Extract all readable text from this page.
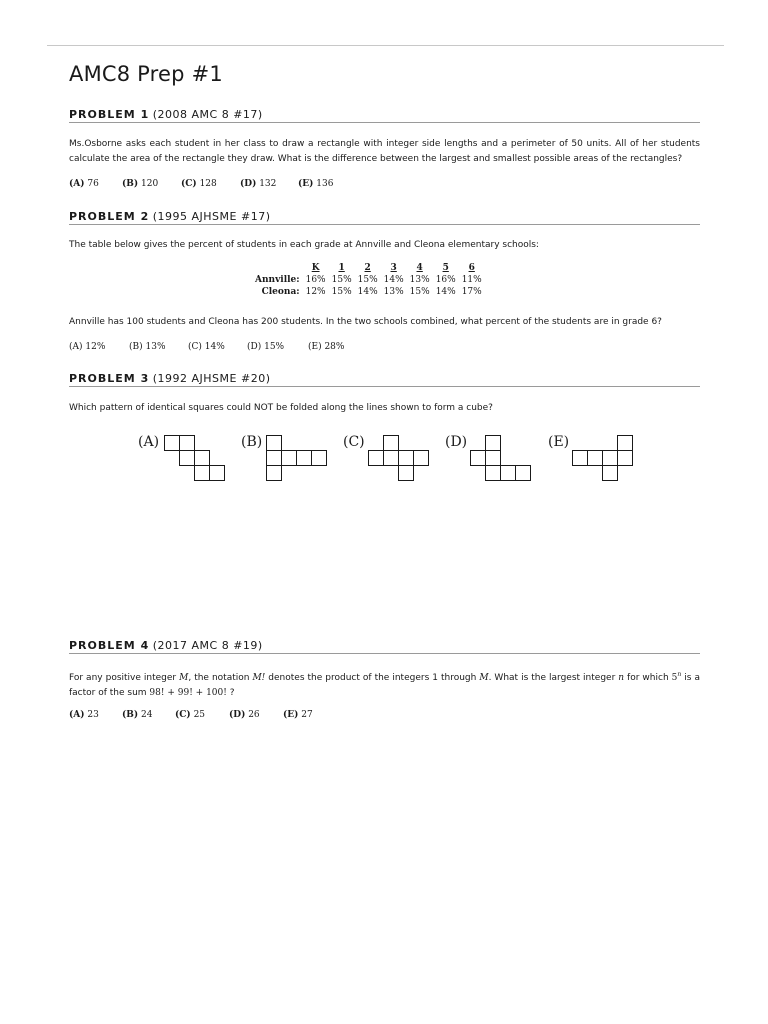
AMC8 Prep #1
PROBLEM 1 (2008 AMC 8 #17)
Ms.Osborne asks each student in her class to draw a rectangle with integer side lengths and a perimeter of 50 units. All of her students calculate the area of the rectangle they draw. What is the difference between the largest and smallest possible areas of the rectangles?
(A) 76	(B) 120	(C) 128	(D) 132 (E) 136
PROBLEM 2 (1995 AJHSME #17)
The table below gives the percent of students in each grade at Annville and Cleona elementary schools:
	K	1	2	3	4	5	6
Annville:	16%	15%	15%	14%	13%	16%	11%
Cleona:	12%	15%	14%	13%	15%	14%	17%
Annville has 100 students and Cleona has 200 students. In the two schools combined, what percent of the students are in grade 6?
(A) 12%	(B) 13% (C) 14% (D) 15%	(E) 28%
PROBLEM 3 (1992 AJHSME #20)
Which pattern of identical squares could NOT be folded along the lines shown to form a cube?
(A)	(B)	(C)	(D)	(E)
PROBLEM 4 (2017 AMC 8 #19)
For any positive integer M, the notation M! denotes the product of the integers 1 through M. What is the largest integer n for which 5$^n$ is a factor of the sum 98! + 99! + 100! ?
(A) 23	(B) 24	(C) 25	(D) 26	(E) 27
